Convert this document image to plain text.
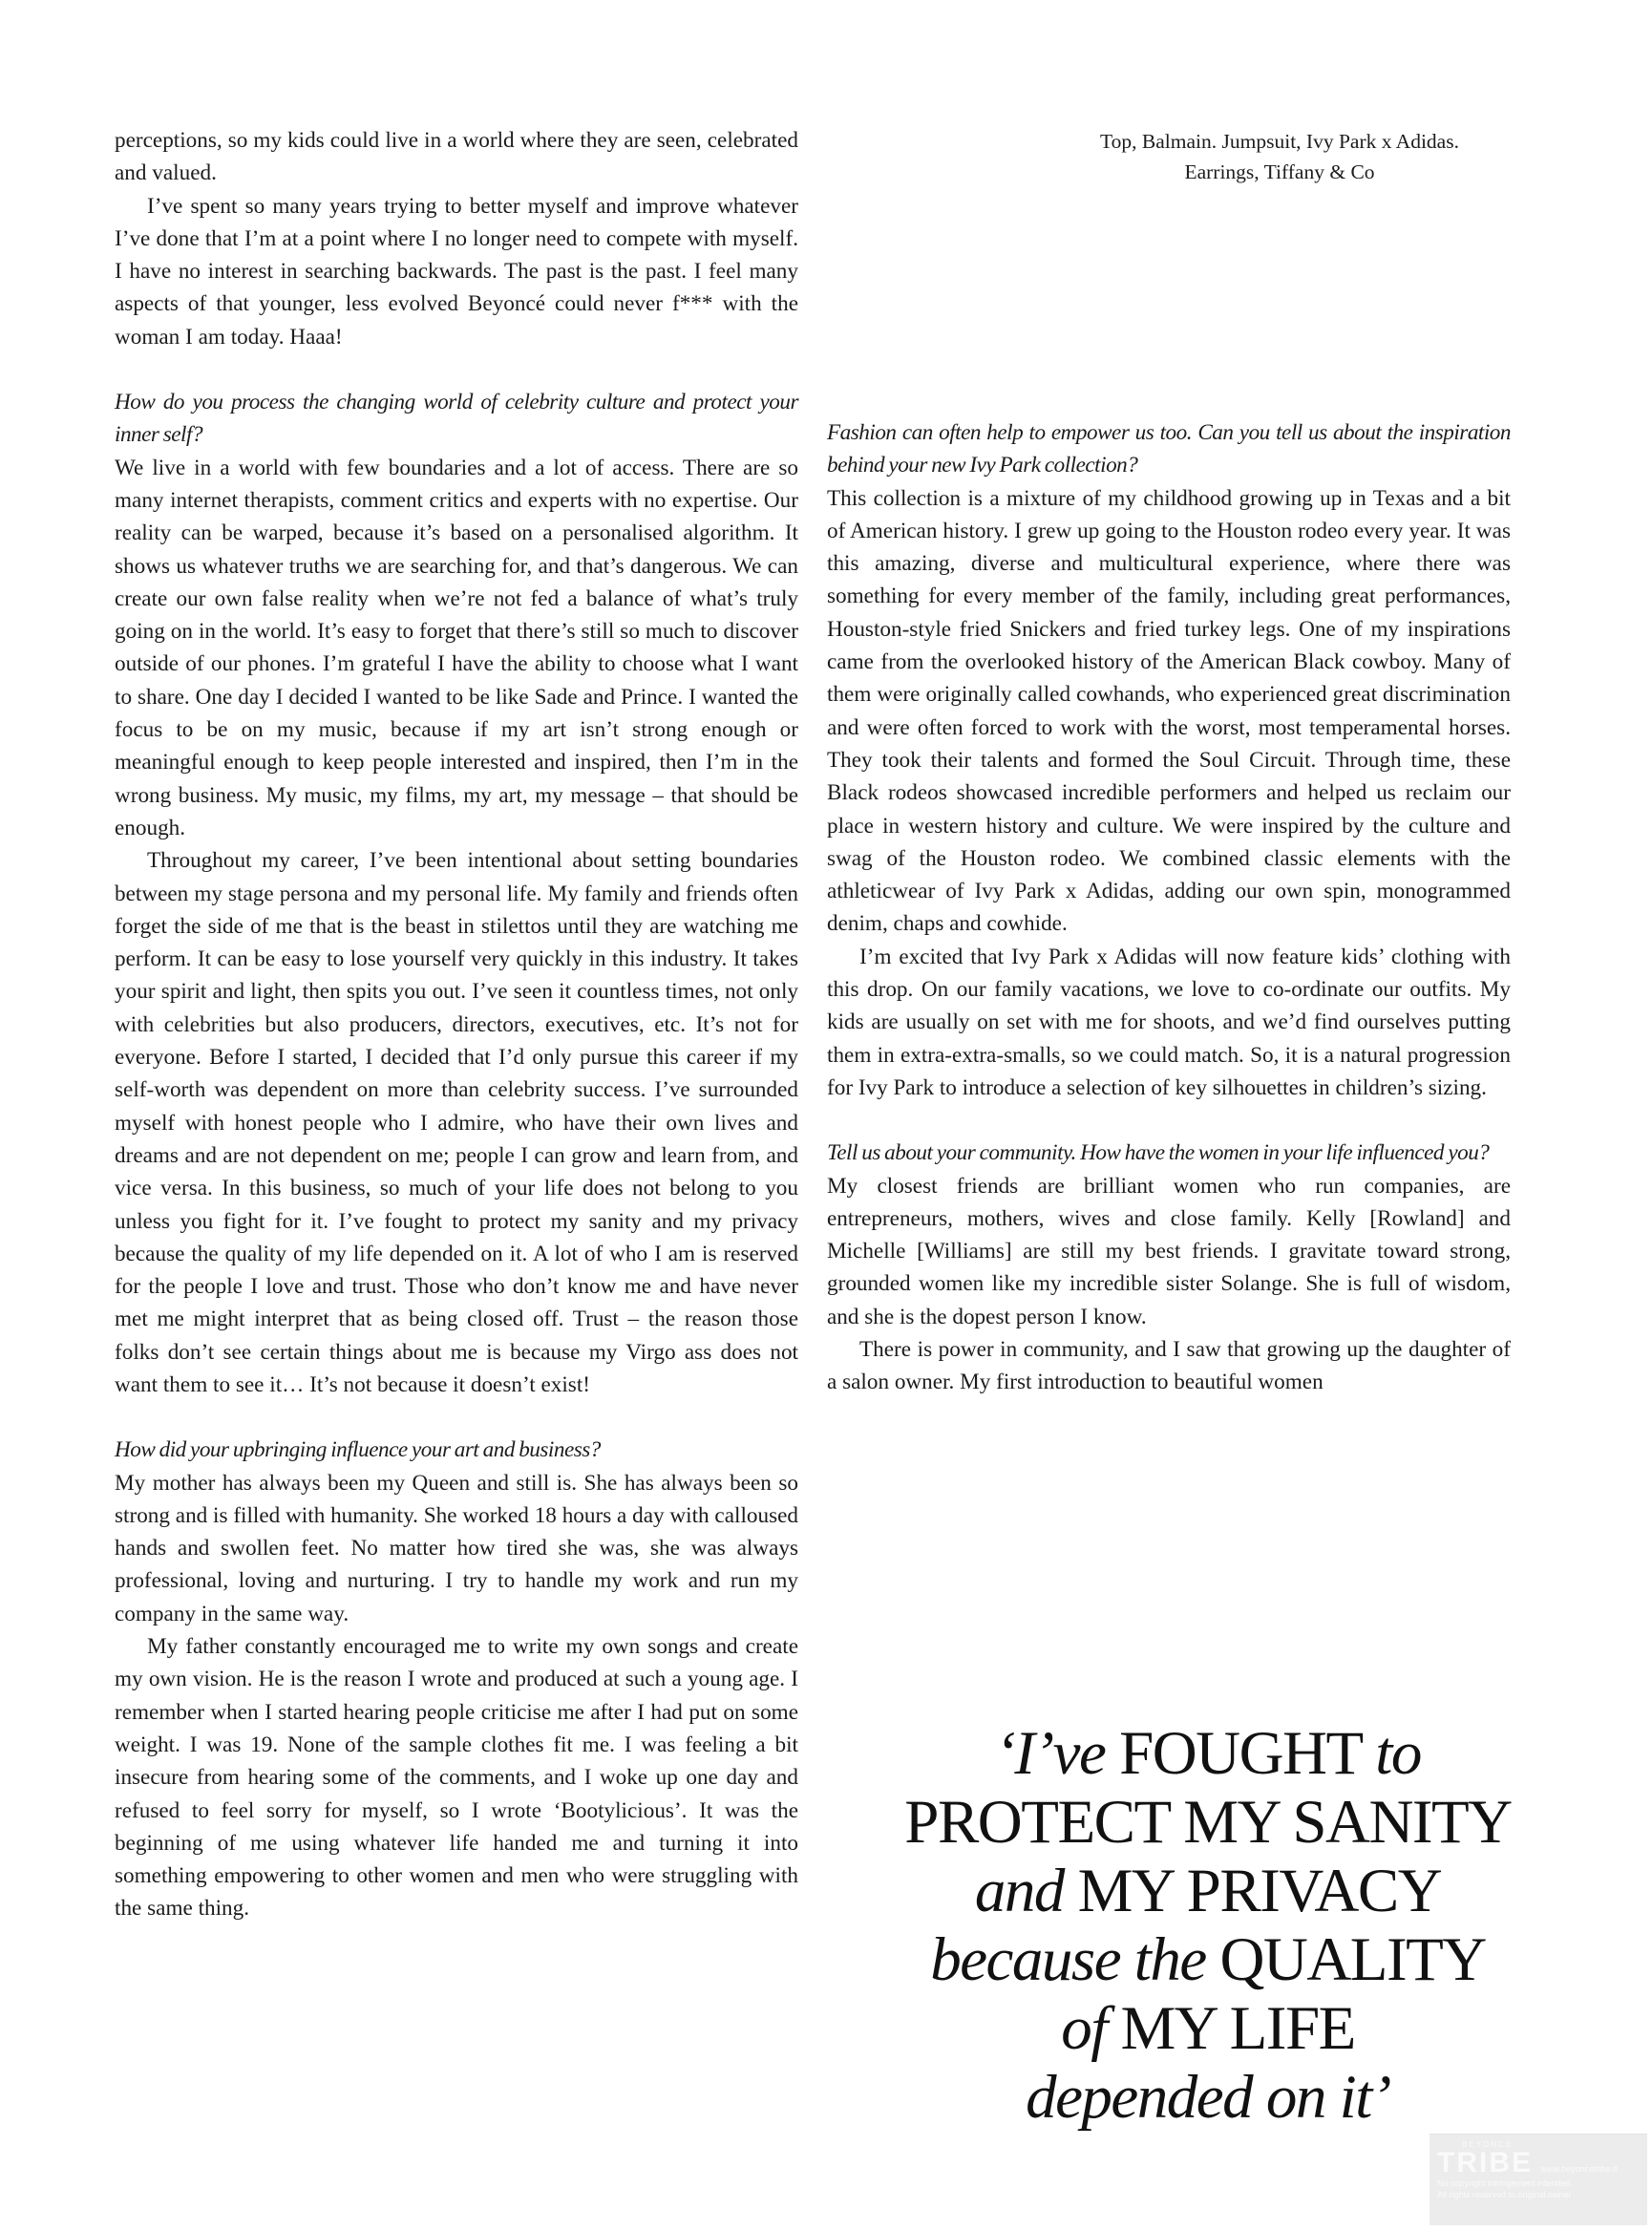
Top, Balmain. Jumpsuit, Ivy Park x Adidas.
Earrings, Tiffany & Co

perceptions, so my kids could live in a world where they are seen, celebrated and valued.

I’ve spent so many years trying to better myself and improve whatever I’ve done that I’m at a point where I no longer need to compete with myself. I have no interest in searching backwards. The past is the past. I feel many aspects of that younger, less evolved Beyoncé could never f*** with the woman I am today. Haaa!

How do you process the changing world of celebrity culture and protect your inner self?

We live in a world with few boundaries and a lot of access. There are so many internet therapists, comment critics and experts with no expertise. Our reality can be warped, because it’s based on a personalised algorithm. It shows us whatever truths we are searching for, and that’s dangerous. We can create our own false reality when we’re not fed a balance of what’s truly going on in the world. It’s easy to forget that there’s still so much to discover outside of our phones. I’m grateful I have the ability to choose what I want to share. One day I decided I wanted to be like Sade and Prince. I wanted the focus to be on my music, because if my art isn’t strong enough or meaningful enough to keep people interested and inspired, then I’m in the wrong business. My music, my films, my art, my message – that should be enough.

Throughout my career, I’ve been intentional about setting boundaries between my stage persona and my personal life. My family and friends often forget the side of me that is the beast in stilettos until they are watching me perform. It can be easy to lose yourself very quickly in this industry. It takes your spirit and light, then spits you out. I’ve seen it countless times, not only with celebrities but also producers, directors, executives, etc. It’s not for everyone. Before I started, I decided that I’d only pursue this career if my self-worth was dependent on more than celebrity success. I’ve surrounded myself with honest people who I admire, who have their own lives and dreams and are not dependent on me; people I can grow and learn from, and vice versa. In this business, so much of your life does not belong to you unless you fight for it. I’ve fought to protect my sanity and my privacy because the quality of my life depended on it. A lot of who I am is reserved for the people I love and trust. Those who don’t know me and have never met me might interpret that as being closed off. Trust – the reason those folks don’t see certain things about me is because my Virgo ass does not want them to see it… It’s not because it doesn’t exist!

How did your upbringing influence your art and business?

My mother has always been my Queen and still is. She has always been so strong and is filled with humanity. She worked 18 hours a day with calloused hands and swollen feet. No matter how tired she was, she was always professional, loving and nurturing. I try to handle my work and run my company in the same way.

My father constantly encouraged me to write my own songs and create my own vision. He is the reason I wrote and produced at such a young age. I remember when I started hearing people criticise me after I had put on some weight. I was 19. None of the sample clothes fit me. I was feeling a bit insecure from hearing some of the comments, and I woke up one day and refused to feel sorry for myself, so I wrote ‘Bootylicious’. It was the beginning of me using whatever life handed me and turning it into something empowering to other women and men who were struggling with the same thing.

Fashion can often help to empower us too. Can you tell us about the inspiration behind your new Ivy Park collection?

This collection is a mixture of my childhood growing up in Texas and a bit of American history. I grew up going to the Houston rodeo every year. It was this amazing, diverse and multicultural experience, where there was something for every member of the family, including great performances, Houston-style fried Snickers and fried turkey legs. One of my inspirations came from the overlooked history of the American Black cowboy. Many of them were originally called cowhands, who experienced great discrimination and were often forced to work with the worst, most temperamental horses. They took their talents and formed the Soul Circuit. Through time, these Black rodeos showcased incredible performers and helped us reclaim our place in western history and culture. We were inspired by the culture and swag of the Houston rodeo. We combined classic elements with the athleticwear of Ivy Park x Adidas, adding our own spin, monogrammed denim, chaps and cowhide.

I’m excited that Ivy Park x Adidas will now feature kids’ clothing with this drop. On our family vacations, we love to co-ordinate our outfits. My kids are usually on set with me for shoots, and we’d find ourselves putting them in extra-extra-smalls, so we could match. So, it is a natural progression for Ivy Park to introduce a selection of key silhouettes in children’s sizing.

Tell us about your community. How have the women in your life influenced you?

My closest friends are brilliant women who run companies, are entrepreneurs, mothers, wives and close family. Kelly [Rowland] and Michelle [Williams] are still my best friends. I gravitate toward strong, grounded women like my incredible sister Solange. She is full of wisdom, and she is the dopest person I know.

There is power in community, and I saw that growing up the daughter of a salon owner. My first introduction to beautiful women

‘I’ve FOUGHT to
PROTECT MY SANITY
and MY PRIVACY
because the QUALITY
of MY LIFE
depended on it’
BEYONCE
TRIBE www.beyoncetribe.it
No copyright infringement intended.
All rights reserved to original owner
